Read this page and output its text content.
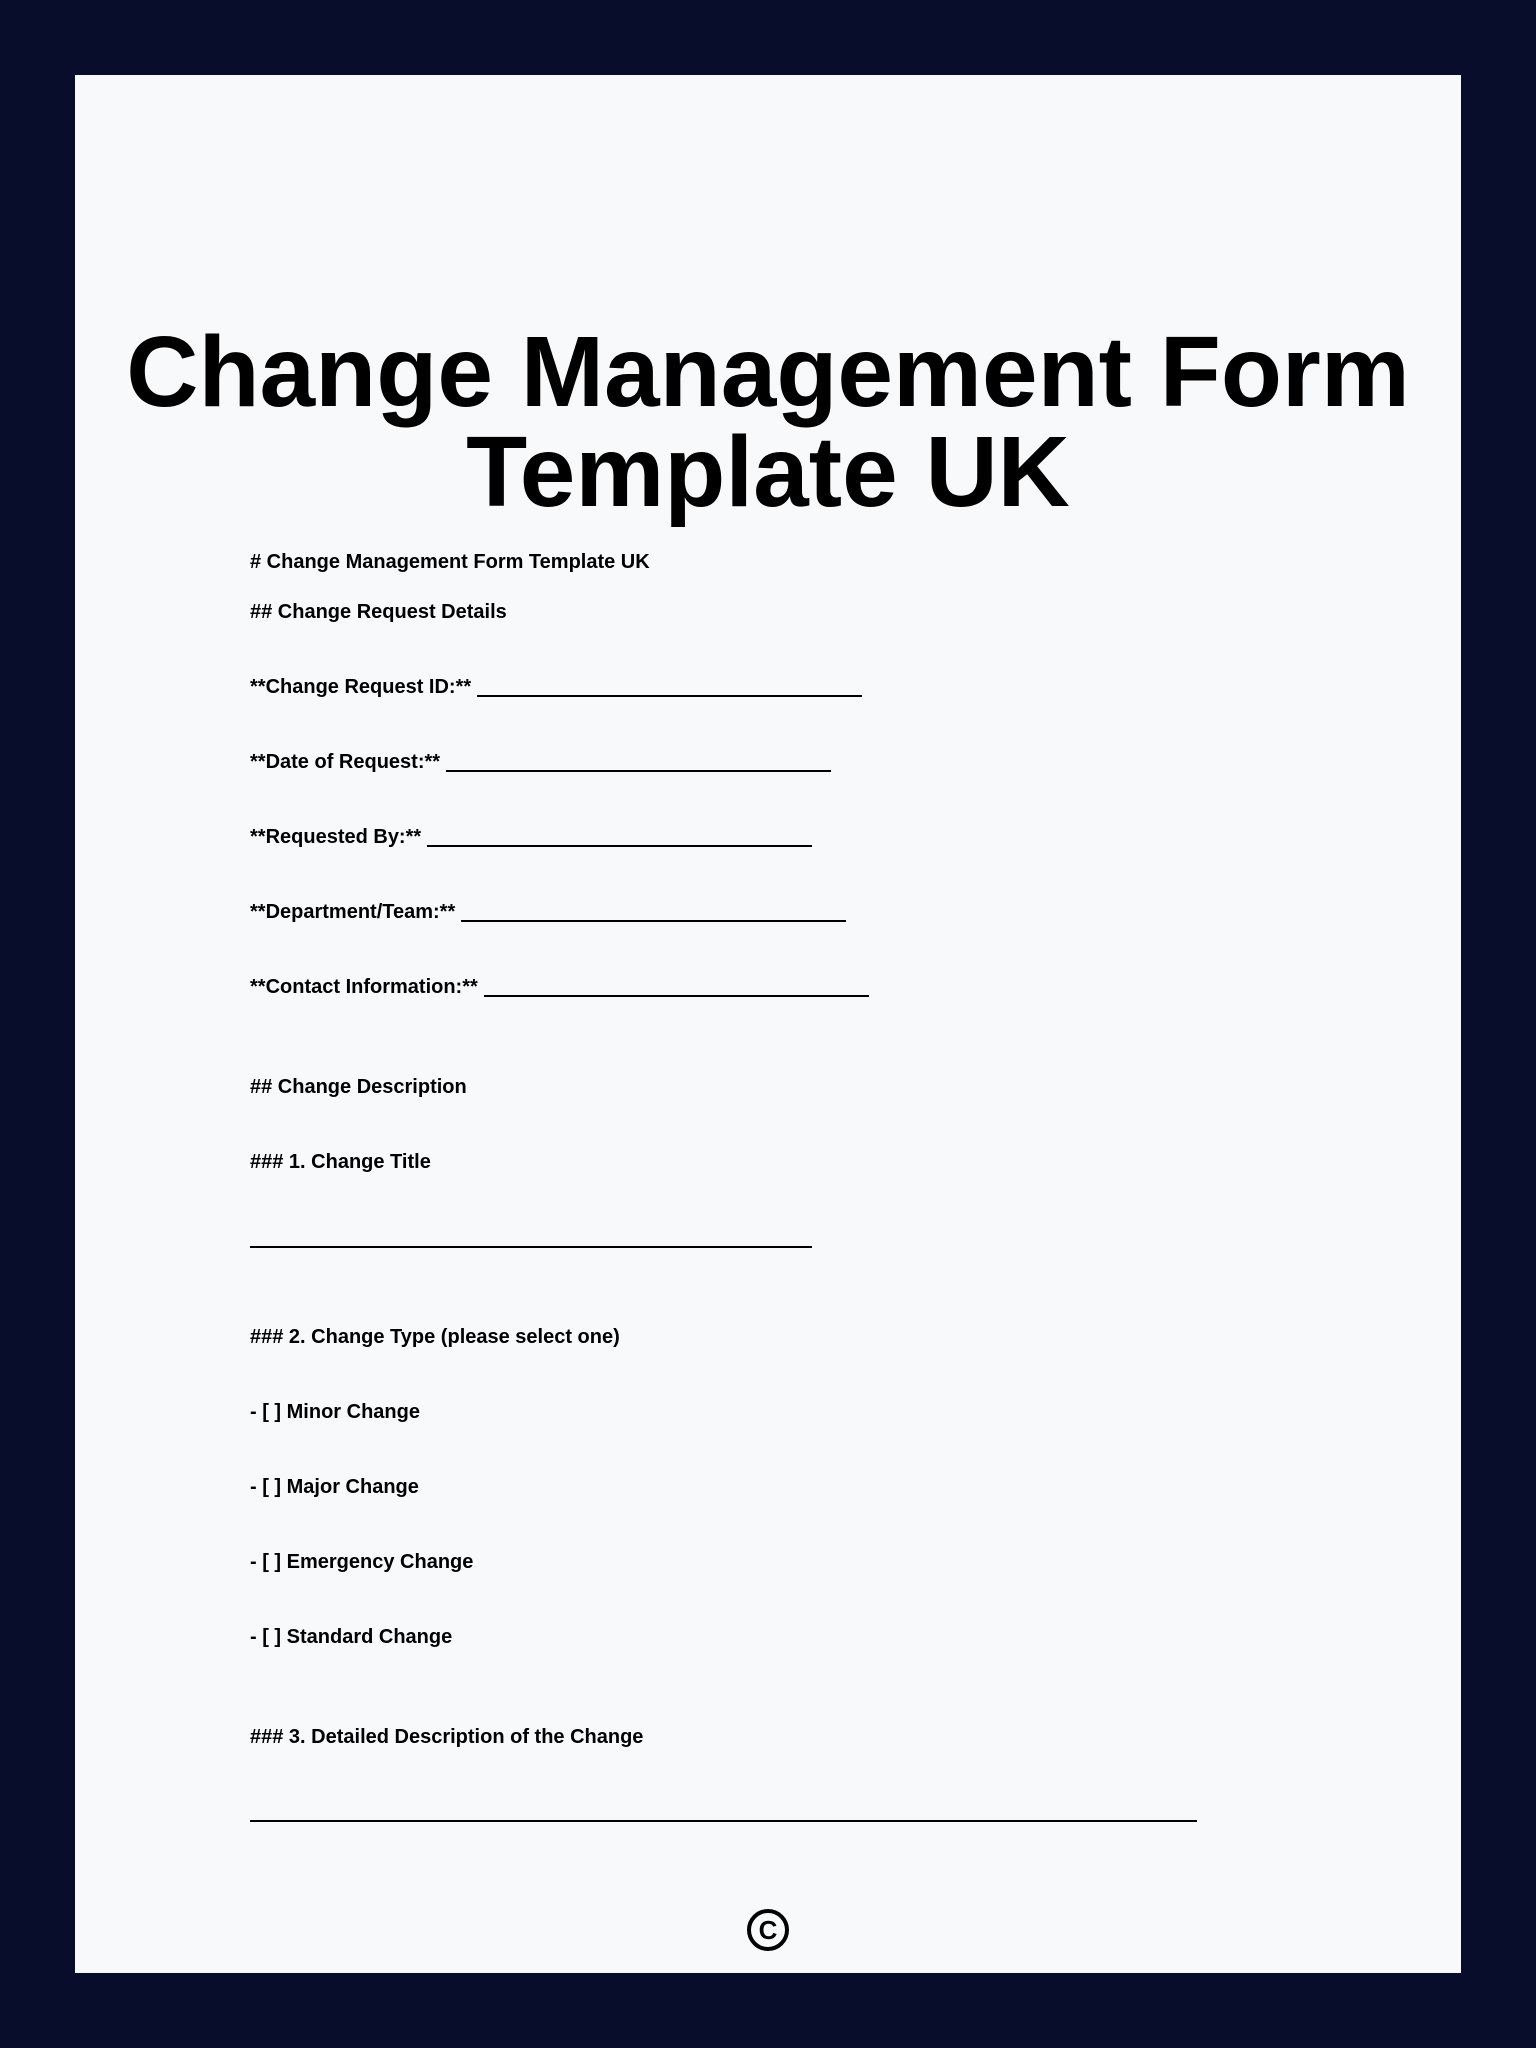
Change Management Form
Template UK
# Change Management Form Template UK
## Change Request Details
**Change Request ID:**
**Date of Request:**
**Requested By:**
**Department/Team:**
**Contact Information:**
## Change Description
### 1. Change Title
### 2. Change Type (please select one)
- [ ] Minor Change
- [ ] Major Change
- [ ] Emergency Change
- [ ] Standard Change
### 3. Detailed Description of the Change
C
